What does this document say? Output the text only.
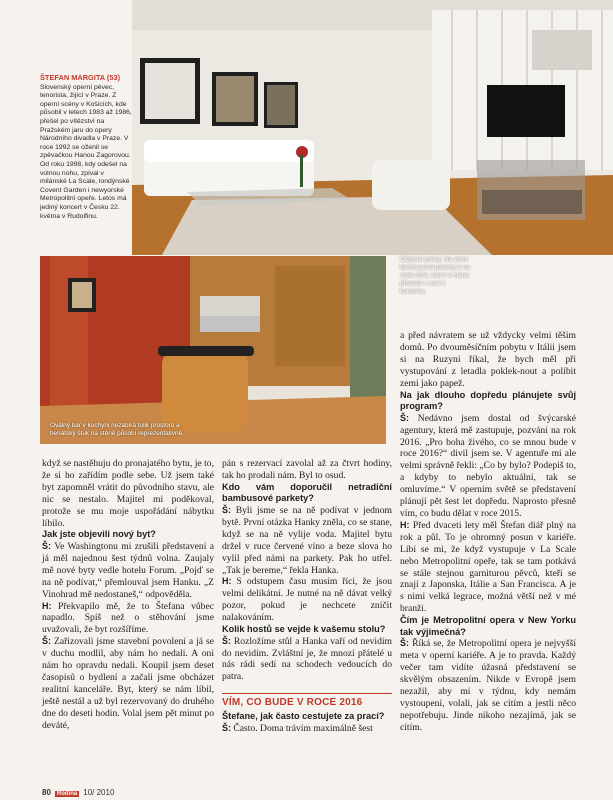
ŠTEFAN MARGITA (53)
Slovenský operní pěvec, tenorista, žijící v Praze. Z operní scény v Košicích, kde působil v letech 1983 až 1986, přešel po vítězství na Pražském jaru do opery Národního divadla v Praze. V roce 1992 se oženil se zpěvačkou Hanou Zagorovou. Od roku 1998, kdy odešel na volnou nohu, zpíval v milánské La Scale, londýnské Covent Garden i newyorské Metropolitní opeře. Letos má jediný koncert v Česku 22. května v Rudolfinu.
Obývací pokoj. Na zemi bambusové parkety a na stole růže, které si Hana přivezla v noci z koncertu.
Oválný bar v kuchyni nezabírá tolik prostoru a benátský štuk na stěně působí reprezentativně.

když se nastěhuju do pronajatého bytu, je to, že si ho zařídím podle sebe. Už jsem také byt zapomněl vrátit do původního stavu, ale nic se nestalo. Majitel mi poděkoval, protože se mu moje uspořádání nábytku líbilo.

Jak jste objevili nový byt?

Š: Ve Washingtonu mi zrušili představení a já měl najednou šest týdnů volna. Zaujaly mě nové byty vedle hotelu Forum. „Pojď se na ně podívat,“ přemlouval jsem Hanku. „Z Vinohrad mě nedostaneš,“ odpověděla.

H: Překvapilo mě, že to Štefana vůbec napadlo. Spíš než o stěhování jsme uvažovali, že byt rozšíříme.

Š: Zařizovali jsme stavební povolení a já se v duchu modlil, aby nám ho nedali. A oni nám ho opravdu nedali. Koupil jsem deset časopisů o bydlení a začali jsme obcházet realitní kanceláře. Byt, který se nám líbil, ještě nestál a už byl rezervovaný do druhého dne do deseti hodin. Volal jsem pět minut po deváté,

pán s rezervací zavolal až za čtvrt hodiny, tak ho prodali nám. Byl to osud.

Kdo vám doporučil netradiční bambusové parkety?

Š: Byli jsme se na ně podívat v jednom bytě. První otázka Hanky zněla, co se stane, když se na ně vylije voda. Majitel bytu držel v ruce červené víno a beze slova ho vylil před námi na parkety. Pak ho utřel. „Tak je bereme,“ řekla Hanka.

H: S odstupem času musím říci, že jsou velmi delikátní. Je nutné na ně dávat velký pozor, pokud je nechcete zničit nalakováním.

Kolik hostů se vejde k vašemu stolu?

Š: Rozložíme stůl a Hanka vaří od nevidím do nevidím. Zvláštní je, že mnozí přátelé u nás rádi sedí na schodech vedoucích do patra.

VÍM, CO BUDE V ROCE 2016

Štefane, jak často cestujete za prací?

Š: Často. Doma trávím maximálně šest

a před návratem se už vždycky velmi těším domů. Po dvouměsíčním pobytu v Itálii jsem si na Ruzyni říkal, že bych měl při vystupování z letadla poklek-nout a políbit zemi jako papež.

Na jak dlouho dopředu plánujete svůj program?

Š: Nedávno jsem dostal od švýcarské agentury, která mě zastupuje, pozvání na rok 2016. „Pro boha živého, co se mnou bude v roce 2016?“ divil jsem se. V agentuře mi ale velmi správně řekli: „Co by bylo? Podepiš to, a kdyby to nebylo aktuální, tak se omluvíme.“ V operním světě se představení plánují pět šest let dopředu. Naprosto přesně vím, co budu dělat v roce 2015.

H: Před dvaceti lety měl Štefan diář plný na rok a půl. To je ohromný posun v kariéře. Líbí se mi, že když vystupuje v La Scale nebo Metropolitní opeře, tak se tam potkává se stále stejnou garniturou pěvců, kteří se znají z Japonska, Itálie a San Francisca. A je s nimi velká legrace, možná větší než v mé branži.

Čím je Metropolitní opera v New Yorku tak výjimečná?

Š: Říká se, že Metropolitní opera je nejvyšší meta v operní kariéře. A je to pravda. Každý večer tam vidíte úžasná představení se skvělým obsazením. Nikde v Evropě jsem nezažil, aby mi v týdnu, kdy nemám vystoupení, volali, jak se cítím a jestli něco nepotřebuju. Jinde nikoho nezajímá, jak se cítím.

80 Rodina 10/ 2010
